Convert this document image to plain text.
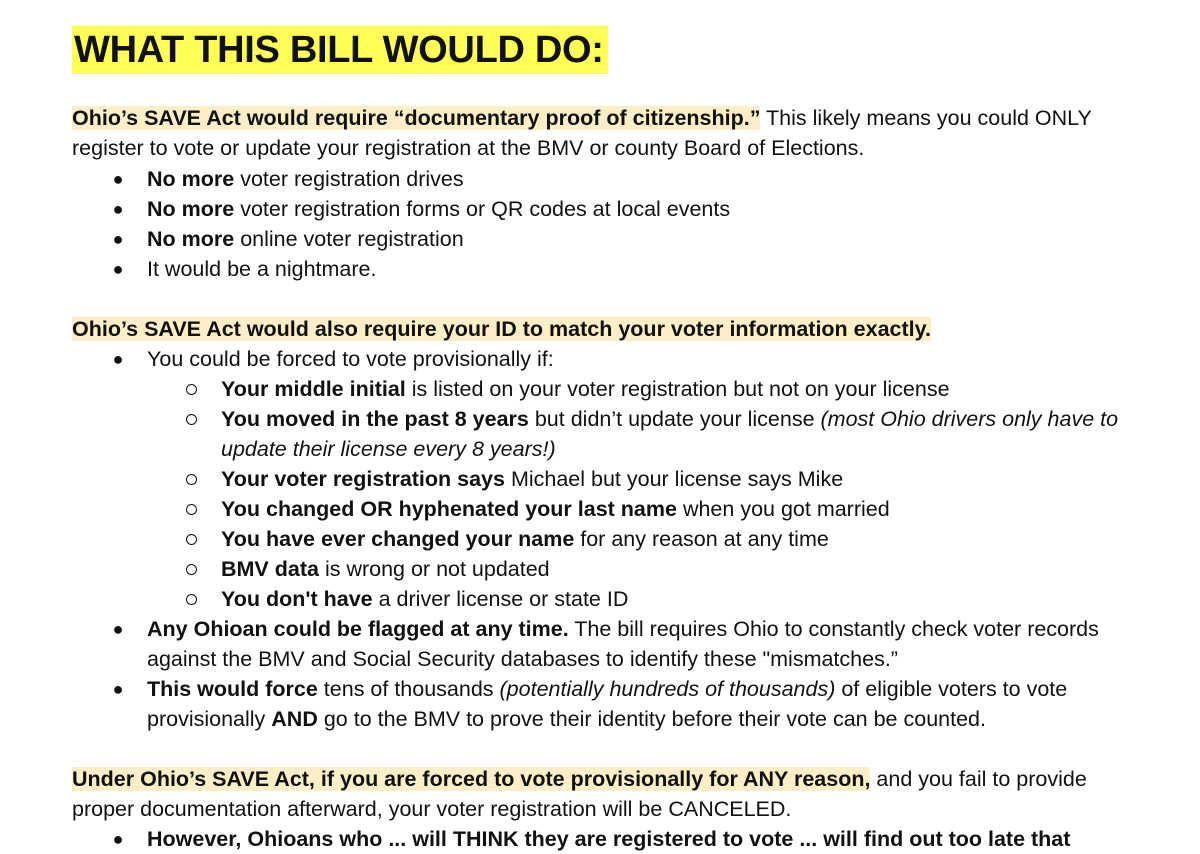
WHAT THIS BILL WOULD DO:
Ohio’s SAVE Act would require “documentary proof of citizenship.” This likely means you could ONLY
register to vote or update your registration at the BMV or county Board of Elections.
● No more voter registration drives
● No more voter registration forms or QR codes at local events
● No more online voter registration
● It would be a nightmare.
Ohio’s SAVE Act would also require your ID to match your voter information exactly.
● You could be forced to vote provisionally if:
Your middle initial is listed on your voter registration but not on your license
You moved in the past 8 years but didn’t update your license (most Ohio drivers only have to
update their license every 8 years!)
Your voter registration says Michael but your license says Mike
You changed OR hyphenated your last name when you got married
You have ever changed your name for any reason at any time
BMV data is wrong or not updated
You don't have a driver license or state ID
● Any Ohioan could be flagged at any time. The bill requires Ohio to constantly check voter records
against the BMV and Social Security databases to identify these "mismatches.”
● This would force tens of thousands (potentially hundreds of thousands) of eligible voters to vote
provisionally AND go to the BMV to prove their identity before their vote can be counted.
Under Ohio’s SAVE Act, if you are forced to vote provisionally for ANY reason, and you fail to provide
proper documentation afterward, your voter registration will be CANCELED.
● However, Ohioans who ... will THINK they are registered to vote ... will find out too late that
